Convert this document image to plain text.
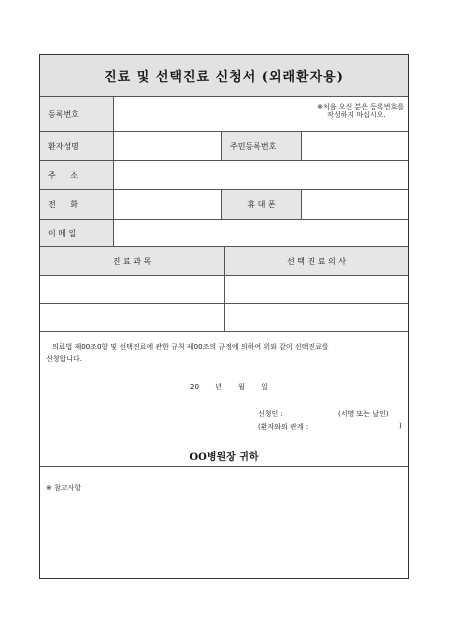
진료 및 선택진료 신청서 (외래환자용)
등록번호
※처음 오신 분은 등록번호를
작성하지 마십시오.
환자성명	주민등록번호
주 소
전 화	휴 대 폰
이 메 일
진 료 과 목	선 택 진 료 의 사
의료법 제00조0항 및 선택진료에 관한 규칙 제00조의 규정에 의하여 위와 같이 선택진료를
신청합니다.
20 년 월 일
신청인 :	(서명 또는 날인)
(환자와의 관계 :	)
OO병원장 귀하
※ 참고사항
